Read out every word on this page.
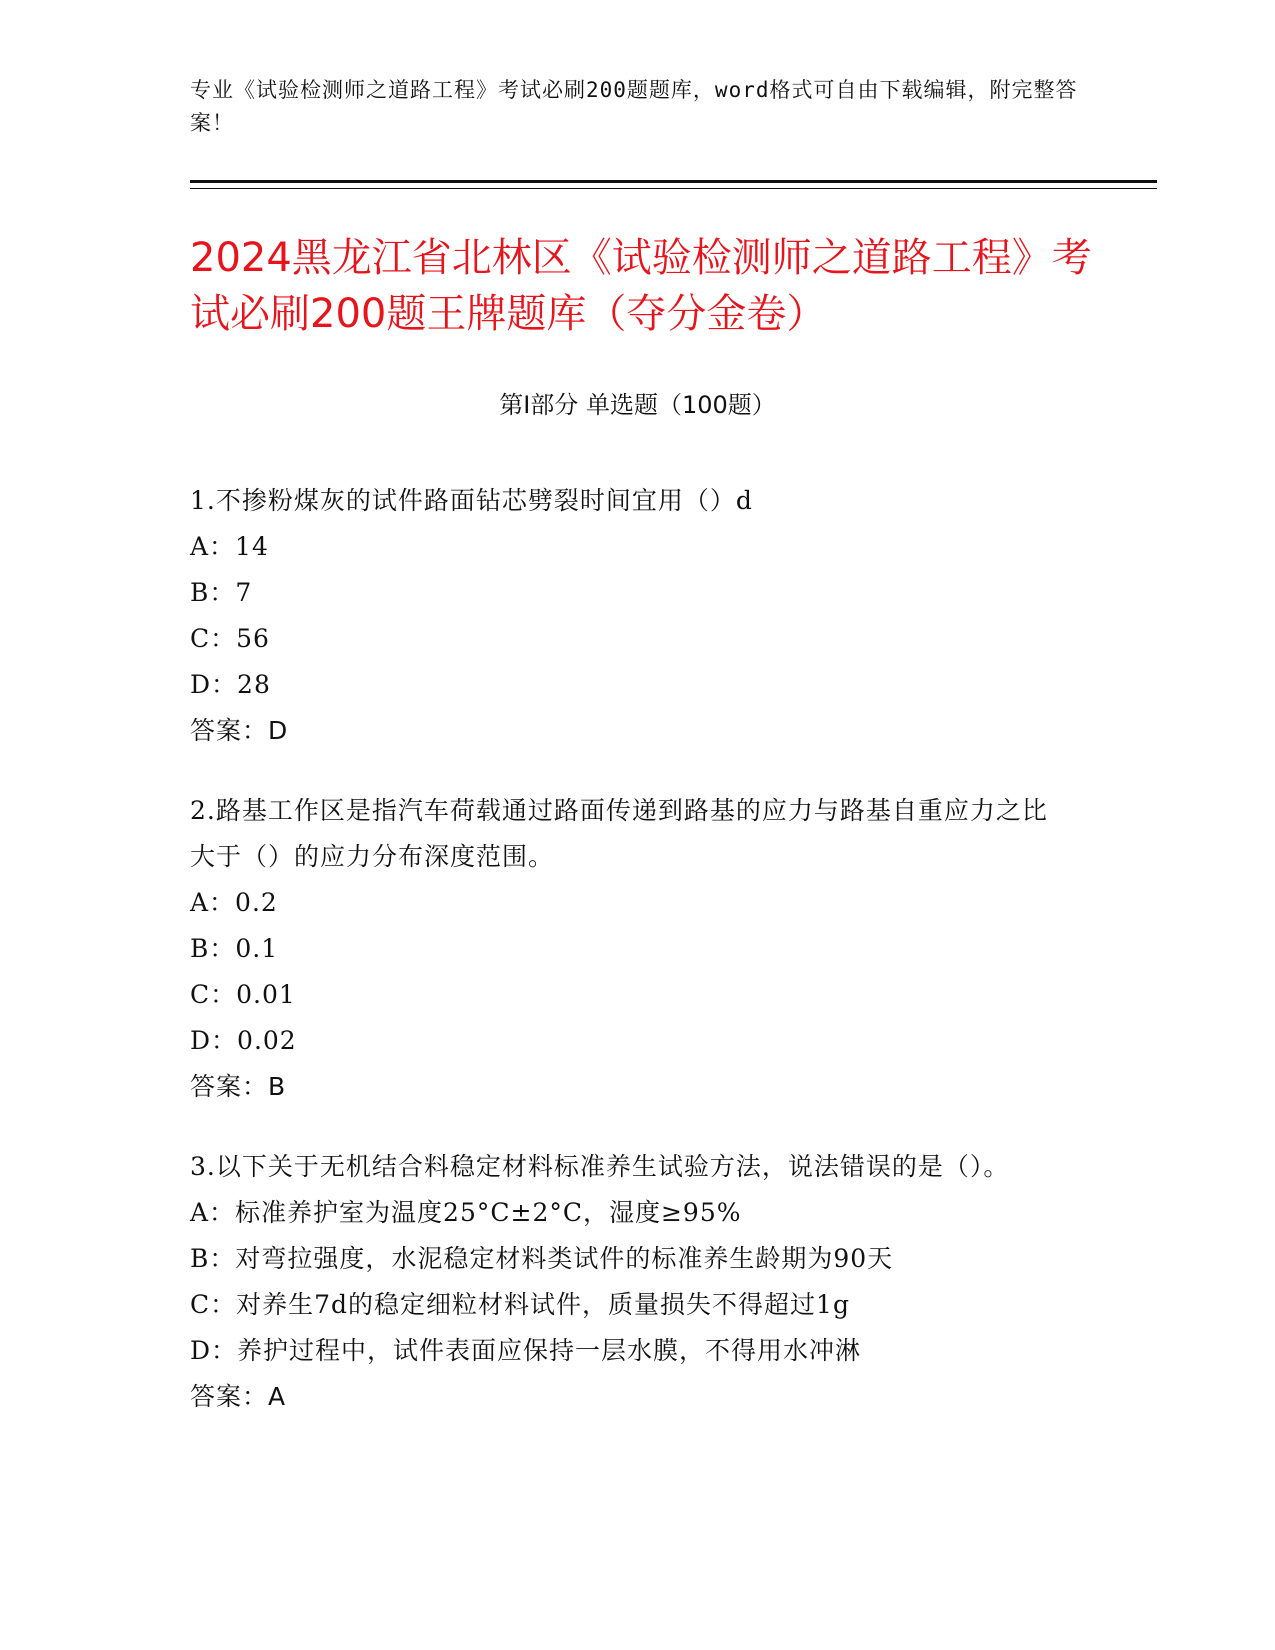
专业《试验检测师之道路工程》考试必刷200题题库，word格式可自由下载编辑，附完整答案！
2024黑龙江省北林区《试验检测师之道路工程》考试必刷200题王牌题库（夺分金卷）
第I部分 单选题（100题）
1.不掺粉煤灰的试件路面钻芯劈裂时间宜用（）d
A：14
B：7
C：56
D：28
答案：D
2.路基工作区是指汽车荷载通过路面传递到路基的应力与路基自重应力之比大于（）的应力分布深度范围。
A：0.2
B：0.1
C：0.01
D：0.02
答案：B
3.以下关于无机结合料稳定材料标准养生试验方法，说法错误的是（）。
A：标准养护室为温度25°C±2°C，湿度≥95%
B：对弯拉强度，水泥稳定材料类试件的标准养生龄期为90天
C：对养生7d的稳定细粒材料试件，质量损失不得超过1g
D：养护过程中，试件表面应保持一层水膜，不得用水冲淋
答案：A
